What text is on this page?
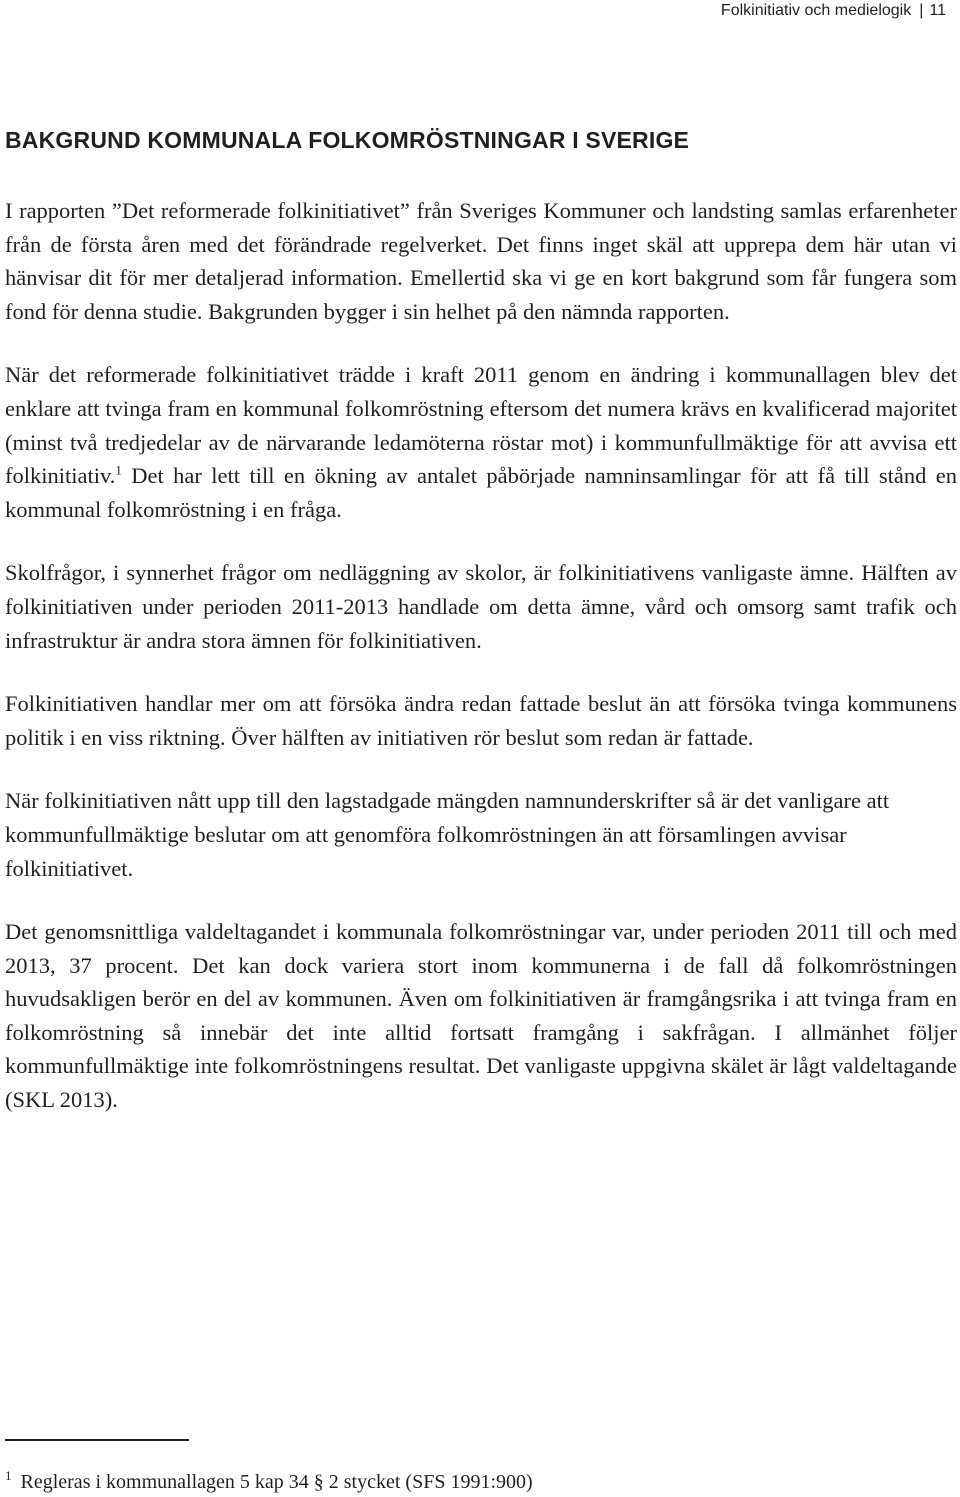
Folkinitiativ och medielogik | 11
BAKGRUND KOMMUNALA FOLKOMRÖSTNINGAR I SVERIGE

I rapporten ”Det reformerade folkinitiativet” från Sveriges Kommuner och landsting samlas erfarenheter från de första åren med det förändrade regelverket. Det finns inget skäl att upprepa dem här utan vi hänvisar dit för mer detaljerad information. Emellertid ska vi ge en kort bakgrund som får fungera som fond för denna studie. Bakgrunden bygger i sin helhet på den nämnda rapporten.

När det reformerade folkinitiativet trädde i kraft 2011 genom en ändring i kommunallagen blev det enklare att tvinga fram en kommunal folkomröstning eftersom det numera krävs en kvalificerad majoritet (minst två tredjedelar av de närvarande ledamöterna röstar mot) i kommunfullmäktige för att avvisa ett folkinitiativ.$^1$ Det har lett till en ökning av antalet påbörjade namninsamlingar för att få till stånd en kommunal folkomröstning i en fråga.

Skolfrågor, i synnerhet frågor om nedläggning av skolor, är folkinitiativens vanligaste ämne. Hälften av folkinitiativen under perioden 2011-2013 handlade om detta ämne, vård och omsorg samt trafik och infrastruktur är andra stora ämnen för folkinitiativen.

Folkinitiativen handlar mer om att försöka ändra redan fattade beslut än att försöka tvinga kommunens politik i en viss riktning. Över hälften av initiativen rör beslut som redan är fattade.

När folkinitiativen nått upp till den lagstadgade mängden namnunderskrifter så är det vanligare att kommunfullmäktige beslutar om att genomföra folkomröstningen än att församlingen avvisar folkinitiativet.

Det genomsnittliga valdeltagandet i kommunala folkomröstningar var, under perioden 2011 till och med 2013, 37 procent. Det kan dock variera stort inom kommunerna i de fall då folkomröstningen huvudsakligen berör en del av kommunen. Även om folkinitiativen är framgångsrika i att tvinga fram en folkomröstning så innebär det inte alltid fortsatt framgång i sakfrågan. I allmänhet följer kommunfullmäktige inte folkomröstningens resultat. Det vanligaste uppgivna skälet är lågt valdeltagande (SKL 2013).

$^1$ Regleras i kommunallagen 5 kap 34 § 2 stycket (SFS 1991:900)
